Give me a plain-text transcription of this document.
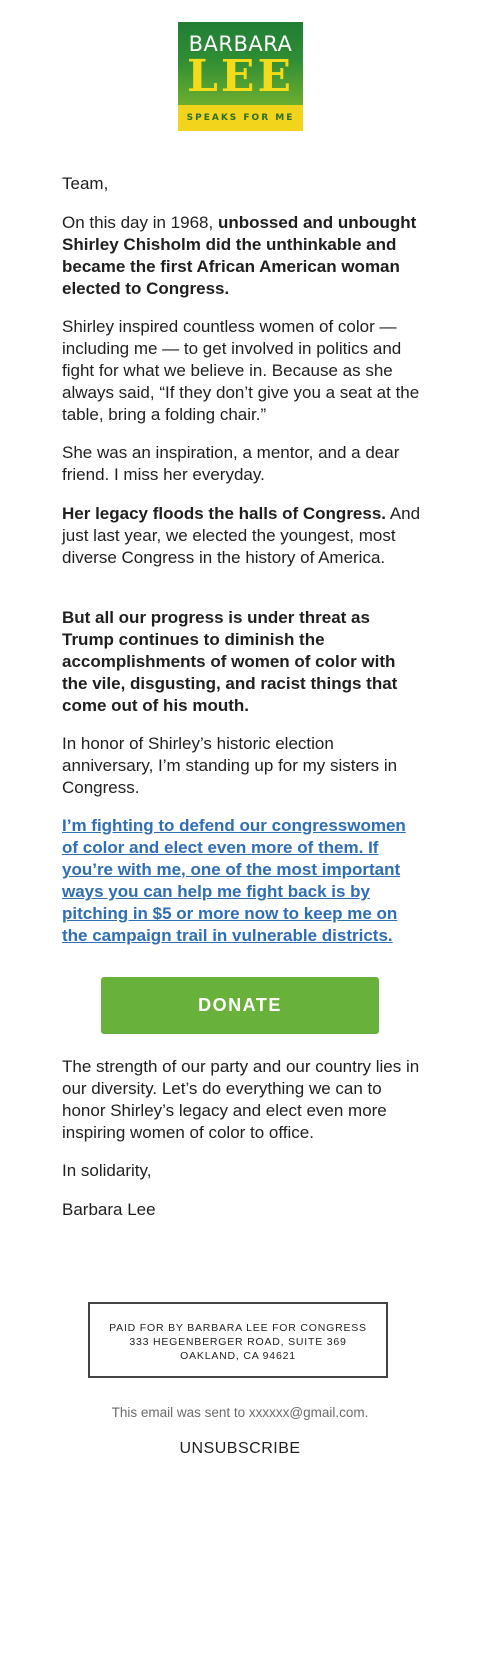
BARBARA
LEE
SPEAKS FOR ME

Team,

On this day in 1968, unbossed and unbought Shirley Chisholm did the unthinkable and became the first African American woman elected to Congress.

Shirley inspired countless women of color — including me — to get involved in politics and fight for what we believe in. Because as she always said, “If they don’t give you a seat at the table, bring a folding chair.”

She was an inspiration, a mentor, and a dear friend. I miss her everyday.

Her legacy floods the halls of Congress. And just last year, we elected the youngest, most diverse Congress in the history of America.

But all our progress is under threat as Trump continues to diminish the accomplishments of women of color with the vile, disgusting, and racist things that come out of his mouth.

In honor of Shirley’s historic election anniversary, I’m standing up for my sisters in Congress.

I’m fighting to defend our congresswomen of color and elect even more of them. If you’re with me, one of the most important ways you can help me fight back is by pitching in $5 or more now to keep me on the campaign trail in vulnerable districts.

DONATE

The strength of our party and our country lies in our diversity. Let’s do everything we can to honor Shirley’s legacy and elect even more inspiring women of color to office.

In solidarity,

Barbara Lee

PAID FOR BY BARBARA LEE FOR CONGRESS
333 HEGENBERGER ROAD, SUITE 369
OAKLAND, CA 94621
This email was sent to xxxxxx@gmail.com.
UNSUBSCRIBE
